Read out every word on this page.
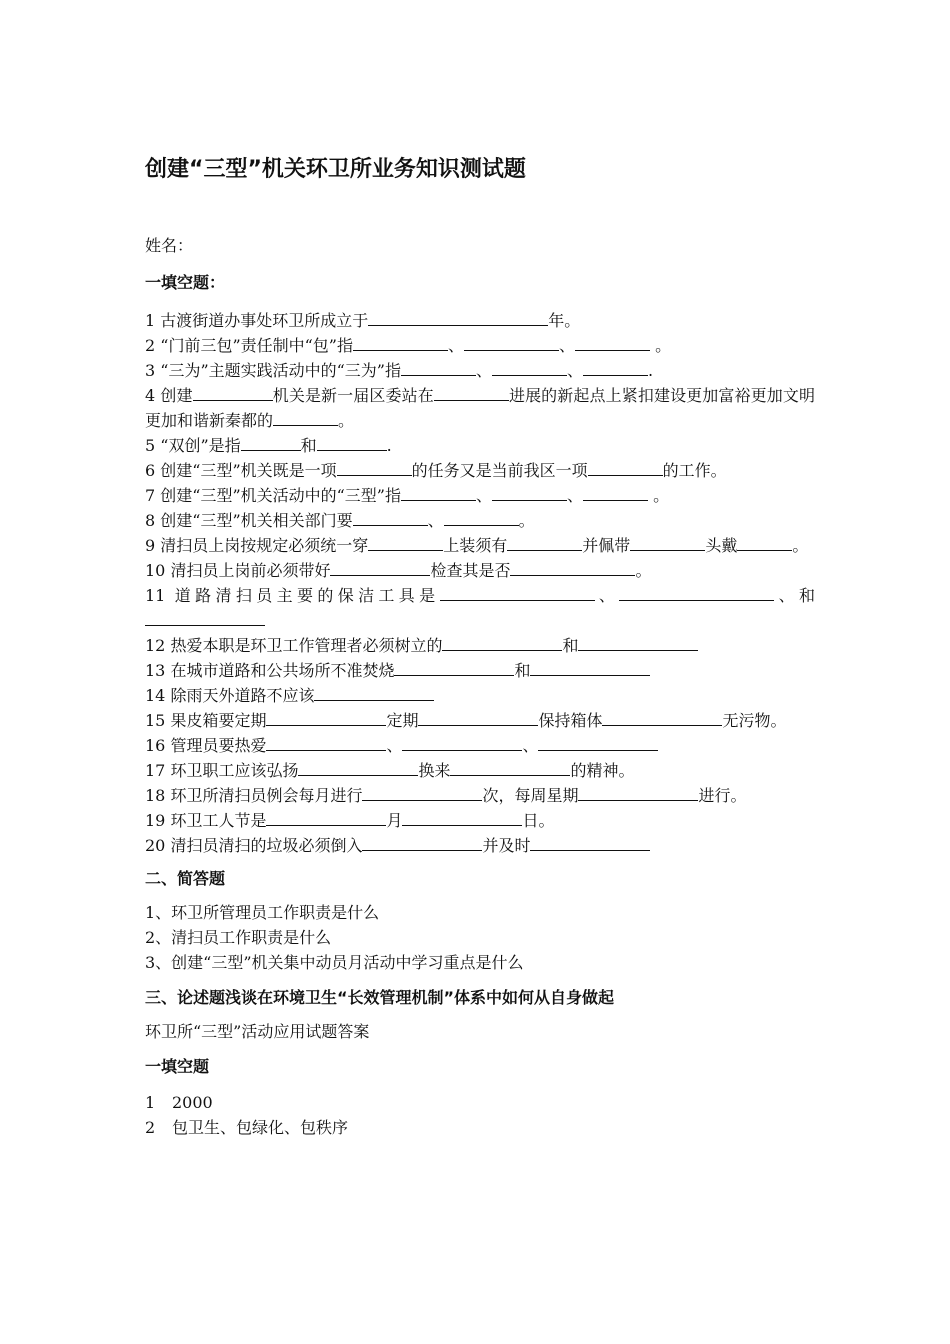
创建“三型”机关环卫所业务知识测试题
姓名：
一填空题：
1 古渡街道办事处环卫所成立于	年。
2 “门前三包”责任制中“包”指	、	、	。
3 “三为”主题实践活动中的“三为”指	、	、	.
4 创建	机关是新一届区委站在	进展的新起点上紧扣建设更加富裕更加文明更加和谐新秦都的	。
5 “双创”是指	和	.
6 创建“三型”机关既是一项	的任务又是当前我区一项	的工作。
7 创建“三型”机关活动中的“三型”指	、	、	。
8 创建“三型”机关相关部门要	、	。
9 清扫员上岗按规定必须统一穿	上装须有	并佩带	头戴	。
10 清扫员上岗前必须带好	检查其是否	。
11 道路清扫员主要的保洁工具是	、	、和
12 热爱本职是环卫工作管理者必须树立的	和
13 在城市道路和公共场所不准焚烧	和
14 除雨天外道路不应该
15 果皮箱要定期	定期	保持箱体	无污物。
16 管理员要热爱	、	、
17 环卫职工应该弘扬	换来	的精神。
18 环卫所清扫员例会每月进行	次，每周星期	进行。
19 环卫工人节是	月	日。
20 清扫员清扫的垃圾必须倒入	并及时
二、简答题
1、环卫所管理员工作职责是什么
2、清扫员工作职责是什么
3、创建“三型”机关集中动员月活动中学习重点是什么
三、论述题浅谈在环境卫生“长效管理机制”体系中如何从自身做起
环卫所“三型”活动应用试题答案
一填空题
1 2000
2 包卫生、包绿化、包秩序
